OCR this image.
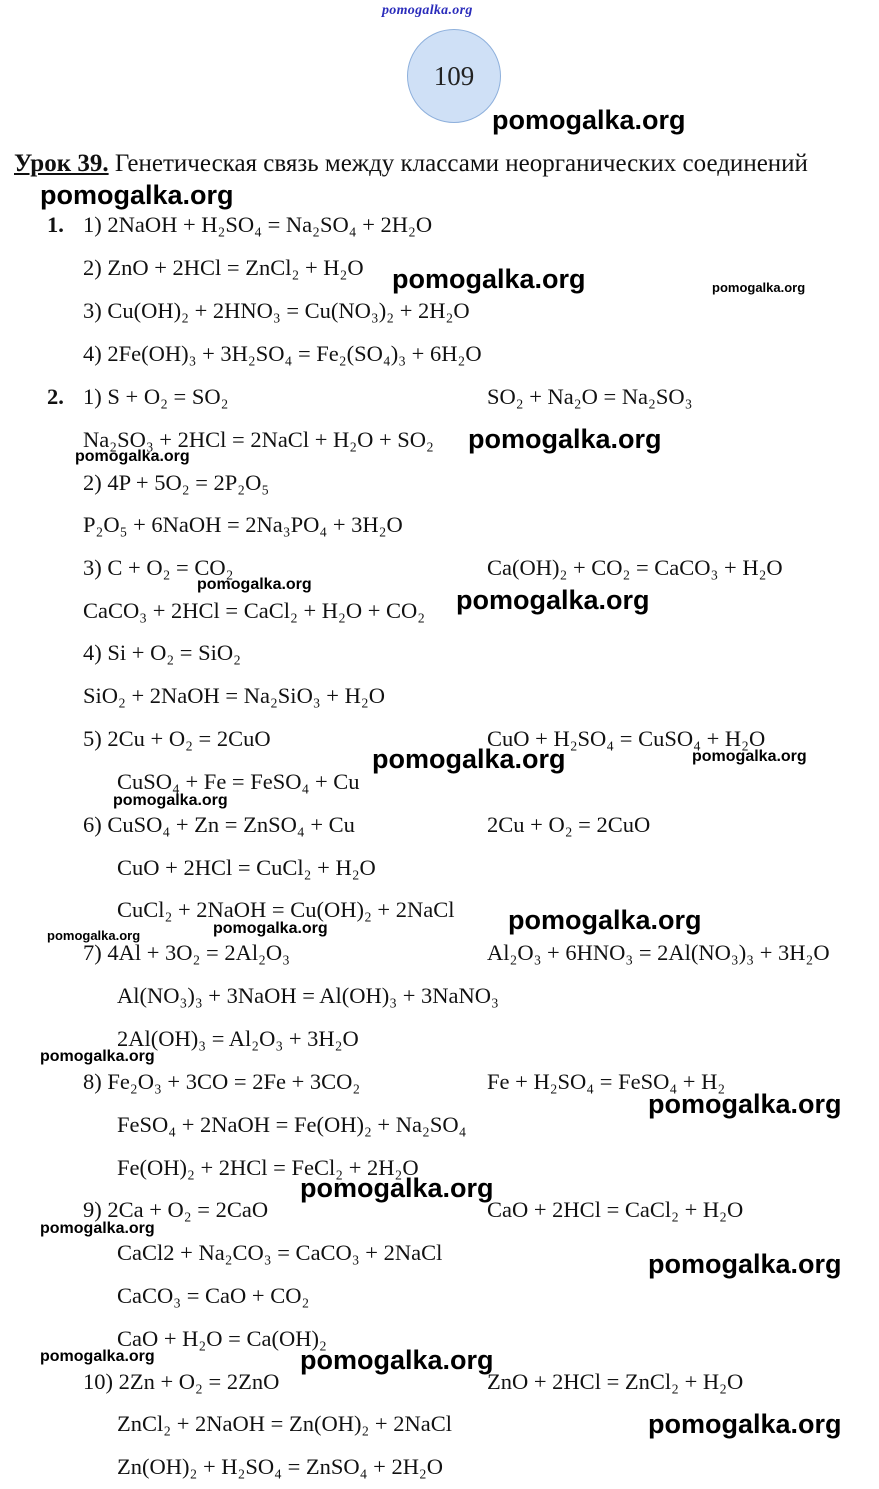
pomogalka.org
109
Урок 39. Генетическая связь между классами неорганических соединений
1. 1) 2NaOH + H₂SO₄ = Na₂SO₄ + 2H₂O
2) ZnO + 2HCl = ZnCl₂ + H₂O
3) Cu(OH)₂ + 2HNO₃ = Cu(NO₃)₂ + 2H₂O
4) 2Fe(OH)₃ + 3H₂SO₄ = Fe₂(SO₄)₃ + 6H₂O
2. 1) S + O₂ = SO₂	SO₂ + Na₂O = Na₂SO₃
Na₂SO₃ + 2HCl = 2NaCl + H₂O + SO₂
2) 4P + 5O₂ = 2P₂O₅
P₂O₅ + 6NaOH = 2Na₃PO₄ + 3H₂O
3) C + O₂ = CO₂	Ca(OH)₂ + CO₂ = CaCO₃ + H₂O
CaCO₃ + 2HCl = CaCl₂ + H₂O + CO₂
4) Si + O₂ = SiO₂
SiO₂ + 2NaOH = Na₂SiO₃ + H₂O
5) 2Cu + O₂ = 2CuO	CuO + H₂SO₄ = CuSO₄ + H₂O
CuSO₄ + Fe = FeSO₄ + Cu
6) CuSO₄ + Zn = ZnSO₄ + Cu	2Cu + O₂ = 2CuO
CuO + 2HCl = CuCl₂ + H₂O
CuCl₂ + 2NaOH = Cu(OH)₂ + 2NaCl
7) 4Al + 3O₂ = 2Al₂O₃	Al₂O₃ + 6HNO₃ = 2Al(NO₃)₃ + 3H₂O
Al(NO₃)₃ + 3NaOH = Al(OH)₃ + 3NaNO₃
2Al(OH)₃ = Al₂O₃ + 3H₂O
8) Fe₂O₃ + 3CO = 2Fe + 3CO₂	Fe + H₂SO₄ = FeSO₄ + H₂
FeSO₄ + 2NaOH = Fe(OH)₂ + Na₂SO₄
Fe(OH)₂ + 2HCl = FeCl₂ + 2H₂O
9) 2Ca + O₂ = 2CaO	CaO + 2HCl = CaCl₂ + H₂O
CaCl2 + Na₂CO₃ = CaCO₃ + 2NaCl
CaCO₃ = CaO + CO₂
CaO + H₂O = Ca(OH)₂
10) 2Zn + O₂ = 2ZnO	ZnO + 2HCl = ZnCl₂ + H₂O
ZnCl₂ + 2NaOH = Zn(OH)₂ + 2NaCl
Zn(OH)₂ + H₂SO₄ = ZnSO₄ + 2H₂O
pomogalka.org
pomogalka.org
pomogalka.org
pomogalka.org
pomogalka.org
pomogalka.org
pomogalka.org
pomogalka.org
pomogalka.org
pomogalka.org
pomogalka.org
pomogalka.org
pomogalka.org
pomogalka.org
pomogalka.org
pomogalka.org
pomogalka.org
pomogalka.org	pomogalka.org
pomogalka.org
pomogalka.org
pomogalka.org
